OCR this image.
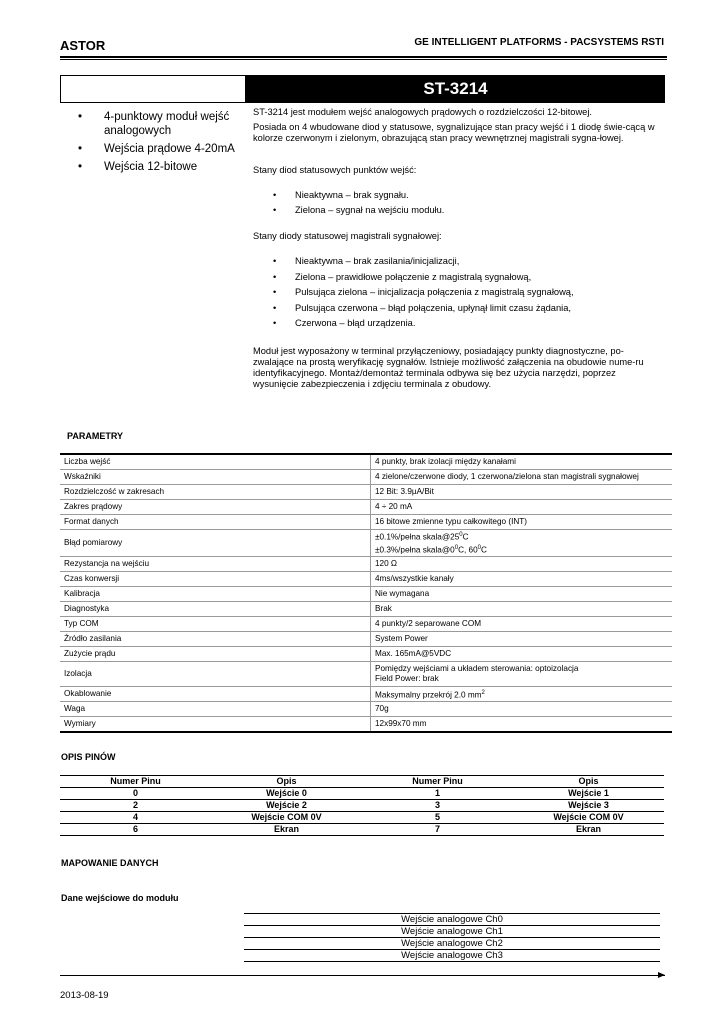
ASTOR	GE INTELLIGENT PLATFORMS - PACSYSTEMS RSTI
ST-3214
• 4-punktowy moduł wejść analogowych
• Wejścia prądowe 4-20mA
• Wejścia 12-bitowe

ST-3214 jest modułem wejść analogowych prądowych o rozdzielczości 12-bitowej.

Posiada on 4 wbudowane diod y statusowe, sygnalizujące stan pracy wejść i 1 diodę świe-cącą w kolorze czerwonym i zielonym, obrazującą stan pracy wewnętrznej magistrali sygna-łowej.

Stany diod statusowych punktów wejść:

• Nieaktywna – brak sygnału.
• Zielona – sygnał na wejściu modułu.

Stany diody statusowej magistrali sygnałowej:

• Nieaktywna – brak zasilania/inicjalizacji,
• Zielona – prawidłowe połączenie z magistralą sygnałową,
• Pulsująca zielona – inicjalizacja połączenia z magistralą sygnałową,
• Pulsująca czerwona – błąd połączenia, upłynął limit czasu żądania,
• Czerwona – błąd urządzenia.

Moduł jest wyposażony w terminal przyłączeniowy, posiadający punkty diagnostyczne, po-zwalające na prostą weryfikację sygnałów. Istnieje możliwość załączenia na obudowie nume-ru identyfikacyjnego. Montaż/demontaż terminala odbywa się bez użycia narzędzi, poprzez wysunięcie zabezpieczenia i zdjęciu terminala z obudowy.

PARAMETRY
Liczba wejść	4 punkty, brak izolacji między kanałami
Wskaźniki	4 zielone/czerwone diody, 1 czerwona/zielona stan magistrali sygnałowej
Rozdzielczość w zakresach	12 Bit: 3.9µA/Bit
Zakres prądowy	4 ÷ 20 mA
Format danych	16 bitowe zmienne typu całkowitego (INT)
Błąd pomiarowy	±0.1%/pełna $skala@25^0C$
±0.3%/pełna $skala@0^0C$, $60^0C$

Rezystancja na wejściu	120 Ω
Czas konwersji	4ms/wszystkie kanały
Kalibracja	Nie wymagana
Diagnostyka	Brak
Typ COM	4 punkty/2 separowane COM
Źródło zasilania	System Power
Zużycie prądu	Max. 165mA@5VDC
Izolacja	Pomiędzy wejściami a układem sterowania: optoizolacja
Field Power: brak

Okablowanie	Maksymalny przekrój 2.0 $mm^2$
Waga	70g
Wymiary	12x99x70 mm
OPIS PINÓW
Numer Pinu	Opis	Numer Pinu	Opis
0	Wejście 0	1	Wejście 1
2	Wejście 2	3	Wejście 3
4	Wejście COM 0V	5	Wejście COM 0V
6	Ekran	7	Ekran
MAPOWANIE DANYCH
Dane wejściowe do modułu
Wejście analogowe Ch0
Wejście analogowe Ch1
Wejście analogowe Ch2
Wejście analogowe Ch3
2013-08-19
